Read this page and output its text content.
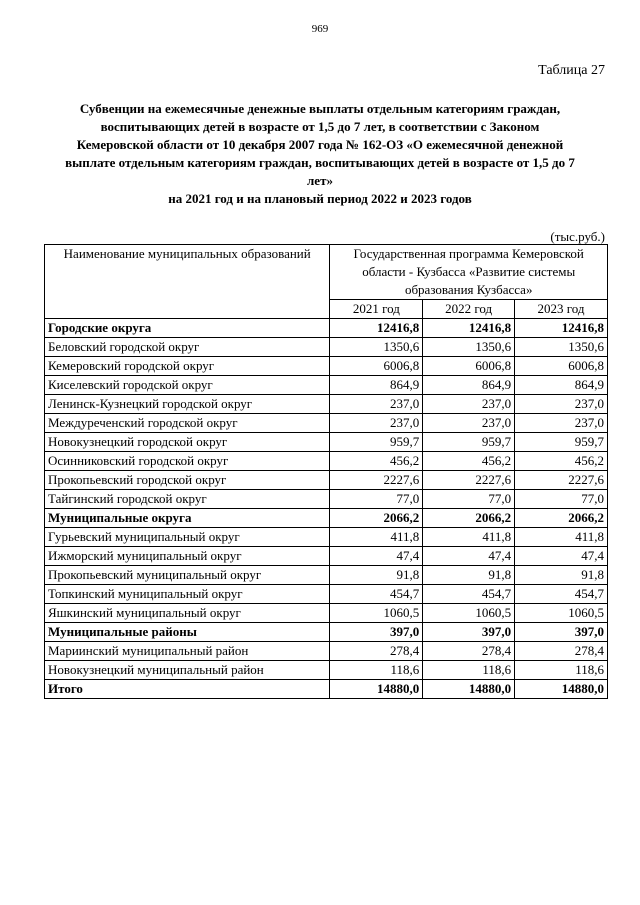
969
Таблица 27
Субвенции на ежемесячные денежные выплаты отдельным категориям граждан,
воспитывающих детей в возрасте от 1,5 до 7 лет, в соответствии с Законом
Кемеровской области от 10 декабря 2007 года № 162-ОЗ «О ежемесячной денежной
выплате отдельным категориям граждан, воспитывающих детей в возрасте от 1,5 до 7
лет»
на 2021 год и на плановый период 2022 и 2023 годов
(тыс.руб.)
Наименование муниципальных образований	Государственная программа Кемеровской области - Кузбасса «Развитие системы образования Кузбасса»		
	2021 год	2022 год	2023 год
Городские округа	12416,8	12416,8	12416,8
Беловский городской округ	1350,6	1350,6	1350,6
Кемеровский городской округ	6006,8	6006,8	6006,8
Киселевский городской округ	864,9	864,9	864,9
Ленинск-Кузнецкий городской округ	237,0	237,0	237,0
Междуреченский городской округ	237,0	237,0	237,0
Новокузнецкий городской округ	959,7	959,7	959,7
Осинниковский городской округ	456,2	456,2	456,2
Прокопьевский городской округ	2227,6	2227,6	2227,6
Тайгинский городской округ	77,0	77,0	77,0
Муниципальные округа	2066,2	2066,2	2066,2
Гурьевский муниципальный округ	411,8	411,8	411,8
Ижморский муниципальный округ	47,4	47,4	47,4
Прокопьевский муниципальный округ	91,8	91,8	91,8
Топкинский муниципальный округ	454,7	454,7	454,7
Яшкинский муниципальный округ	1060,5	1060,5	1060,5
Муниципальные районы	397,0	397,0	397,0
Мариинский муниципальный район	278,4	278,4	278,4
Новокузнецкий муниципальный район	118,6	118,6	118,6
Итого	14880,0	14880,0	14880,0
